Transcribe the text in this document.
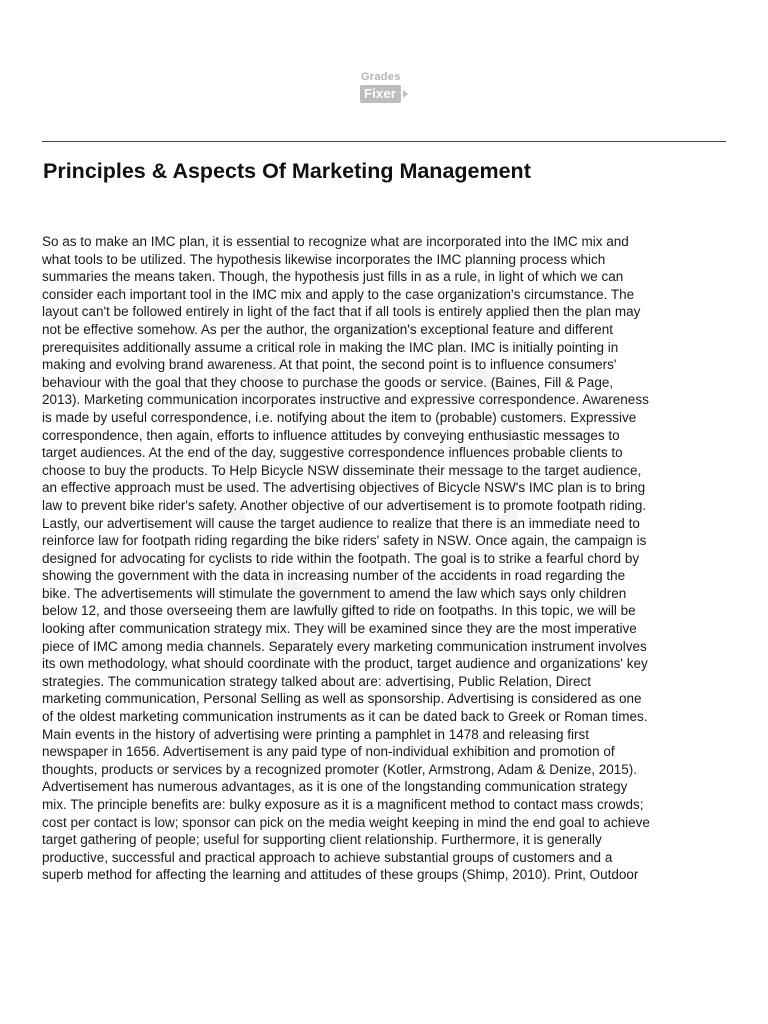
Grades
Fixer
Principles & Aspects Of Marketing Management
So as to make an IMC plan, it is essential to recognize what are incorporated into the IMC mix and
what tools to be utilized. The hypothesis likewise incorporates the IMC planning process which
summaries the means taken. Though, the hypothesis just fills in as a rule, in light of which we can
consider each important tool in the IMC mix and apply to the case organization's circumstance. The
layout can't be followed entirely in light of the fact that if all tools is entirely applied then the plan may
not be effective somehow. As per the author, the organization's exceptional feature and different
prerequisites additionally assume a critical role in making the IMC plan. IMC is initially pointing in
making and evolving brand awareness. At that point, the second point is to influence consumers'
behaviour with the goal that they choose to purchase the goods or service. (Baines, Fill & Page,
2013). Marketing communication incorporates instructive and expressive correspondence. Awareness
is made by useful correspondence, i.e. notifying about the item to (probable) customers. Expressive
correspondence, then again, efforts to influence attitudes by conveying enthusiastic messages to
target audiences. At the end of the day, suggestive correspondence influences probable clients to
choose to buy the products. To Help Bicycle NSW disseminate their message to the target audience,
an effective approach must be used. The advertising objectives of Bicycle NSW's IMC plan is to bring
law to prevent bike rider's safety. Another objective of our advertisement is to promote footpath riding.
Lastly, our advertisement will cause the target audience to realize that there is an immediate need to
reinforce law for footpath riding regarding the bike riders' safety in NSW. Once again, the campaign is
designed for advocating for cyclists to ride within the footpath. The goal is to strike a fearful chord by
showing the government with the data in increasing number of the accidents in road regarding the
bike. The advertisements will stimulate the government to amend the law which says only children
below 12, and those overseeing them are lawfully gifted to ride on footpaths. In this topic, we will be
looking after communication strategy mix. They will be examined since they are the most imperative
piece of IMC among media channels. Separately every marketing communication instrument involves
its own methodology, what should coordinate with the product, target audience and organizations' key
strategies. The communication strategy talked about are: advertising, Public Relation, Direct
marketing communication, Personal Selling as well as sponsorship. Advertising is considered as one
of the oldest marketing communication instruments as it can be dated back to Greek or Roman times.
Main events in the history of advertising were printing a pamphlet in 1478 and releasing first
newspaper in 1656. Advertisement is any paid type of non-individual exhibition and promotion of
thoughts, products or services by a recognized promoter (Kotler, Armstrong, Adam & Denize, 2015).
Advertisement has numerous advantages, as it is one of the longstanding communication strategy
mix. The principle benefits are: bulky exposure as it is a magnificent method to contact mass crowds;
cost per contact is low; sponsor can pick on the media weight keeping in mind the end goal to achieve
target gathering of people; useful for supporting client relationship. Furthermore, it is generally
productive, successful and practical approach to achieve substantial groups of customers and a
superb method for affecting the learning and attitudes of these groups (Shimp, 2010). Print, Outdoor
